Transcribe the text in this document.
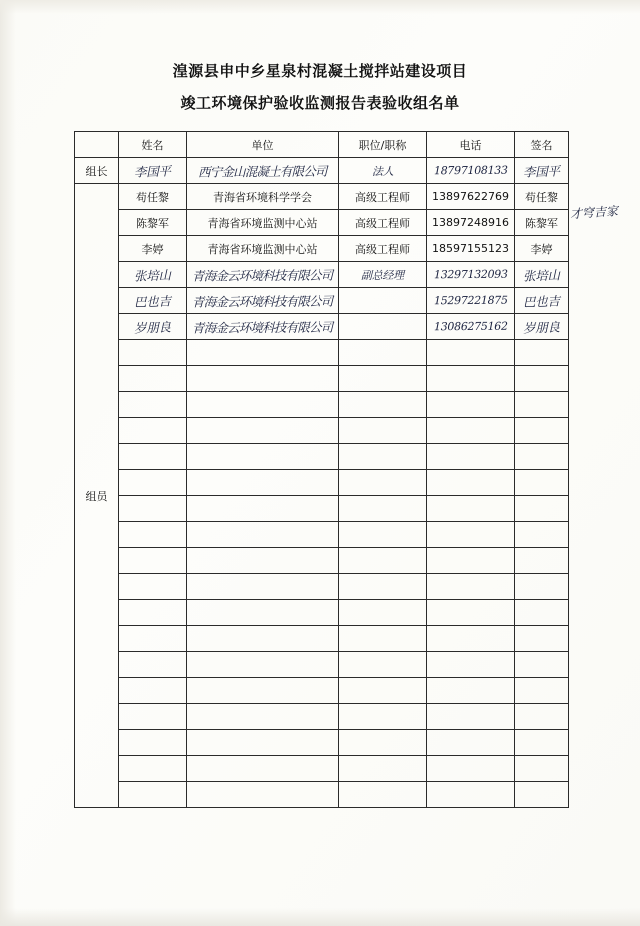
湟源县申中乡星泉村混凝土搅拌站建设项目
竣工环境保护验收监测报告表验收组名单
才穹吉家
	姓名	单位	职位/职称	电话	签名
组长	李国平	西宁金山混凝土有限公司	法人	18797108133	李国平
组员	苟任黎	青海省环境科学学会	高级工程师	13897622769	苟任黎
	陈黎军	青海省环境监测中心站	高级工程师	13897248916	陈黎军
	李婷	青海省环境监测中心站	高级工程师	18597155123	李婷
	张培山	青海金云环境科技有限公司	副总经理	13297132093	张培山
	巴也吉	青海金云环境科技有限公司		15297221875	巴也吉
	岁朋良	青海金云环境科技有限公司		13086275162	岁朋良
